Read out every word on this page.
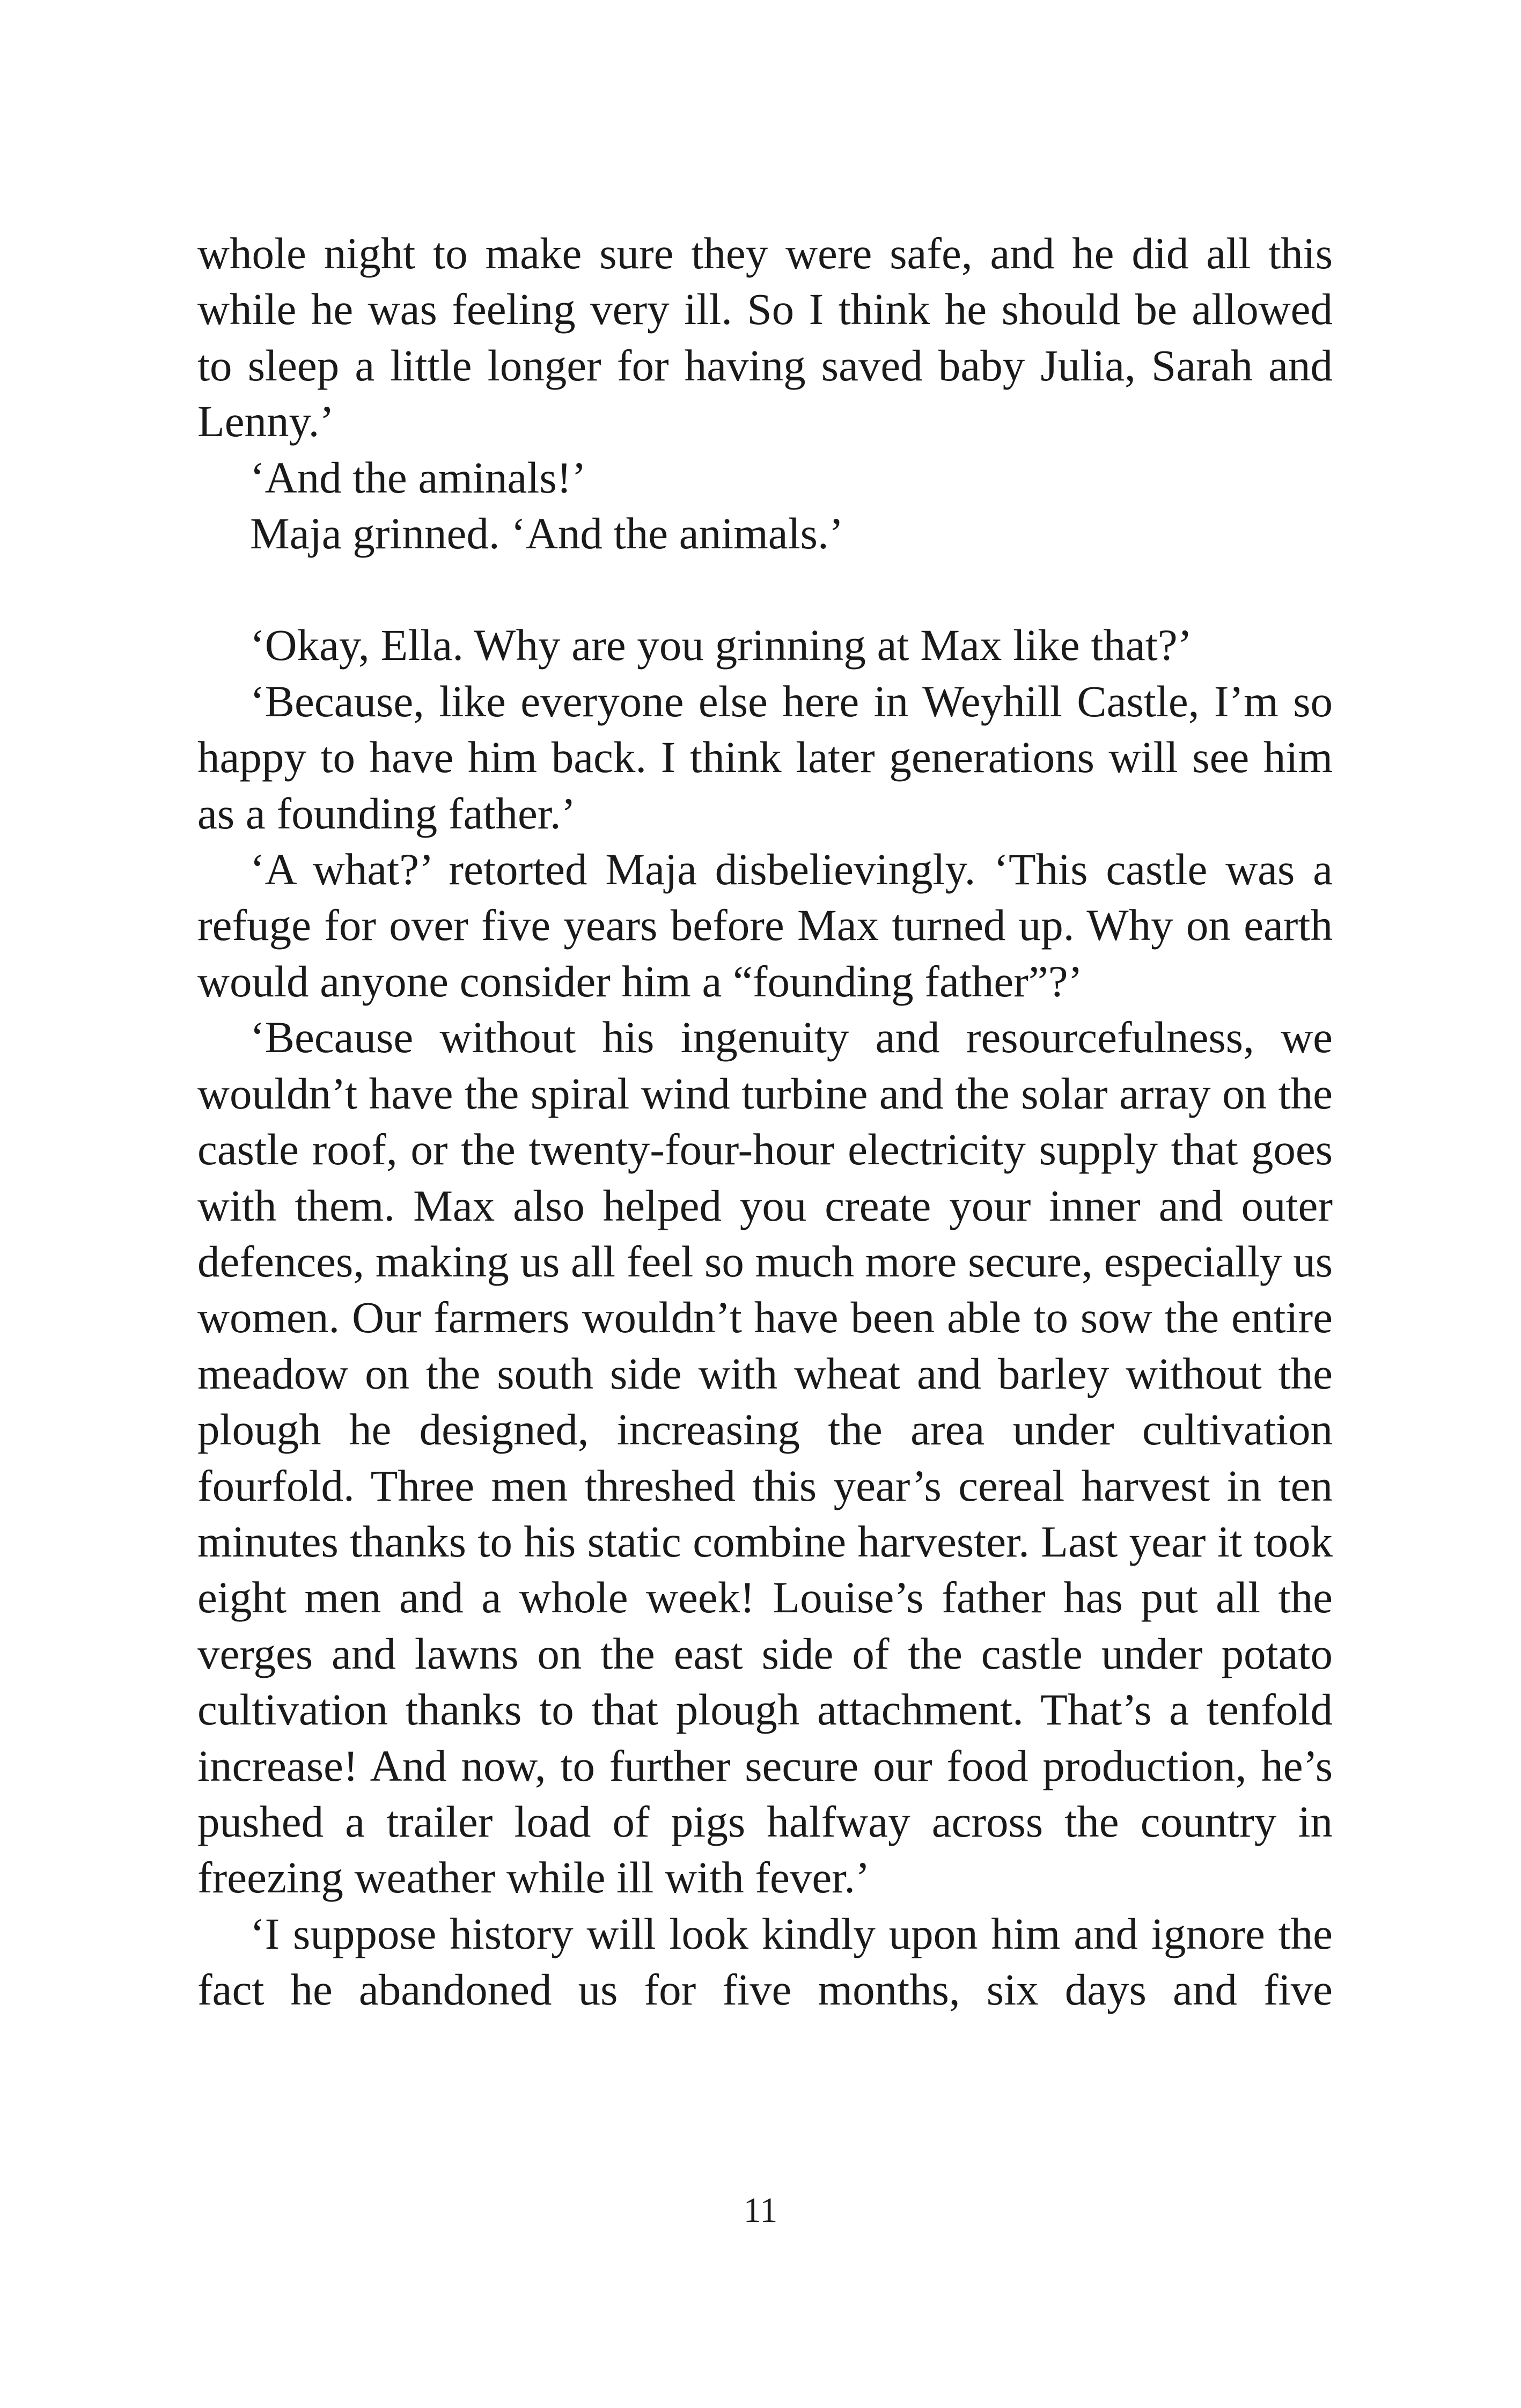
whole night to make sure they were safe, and he did all this while he was feeling very ill. So I think he should be allowed to sleep a little longer for having saved baby Julia, Sarah and Lenny.’

‘And the aminals!’

Maja grinned. ‘And the animals.’

‘Okay, Ella. Why are you grinning at Max like that?’

‘Because, like everyone else here in Weyhill Castle, I’m so happy to have him back. I think later generations will see him as a founding father.’

‘A what?’ retorted Maja disbelievingly. ‘This castle was a refuge for over five years before Max turned up. Why on earth would anyone consider him a “founding father”?’

‘Because without his ingenuity and resourcefulness, we wouldn’t have the spiral wind turbine and the solar array on the castle roof, or the twenty-four-hour electricity supply that goes with them. Max also helped you create your inner and outer defences, making us all feel so much more secure, especially us women. Our farmers wouldn’t have been able to sow the entire meadow on the south side with wheat and barley without the plough he designed, increasing the area under cultivation fourfold. Three men threshed this year’s cereal harvest in ten minutes thanks to his static combine harvester. Last year it took eight men and a whole week! Louise’s father has put all the verges and lawns on the east side of the castle under potato cultivation thanks to that plough attachment. That’s a tenfold increase! And now, to further secure our food production, he’s pushed a trailer load of pigs halfway across the country in freezing weather while ill with fever.’

‘I suppose history will look kindly upon him and ignore the fact he abandoned us for five months, six days and five

11
